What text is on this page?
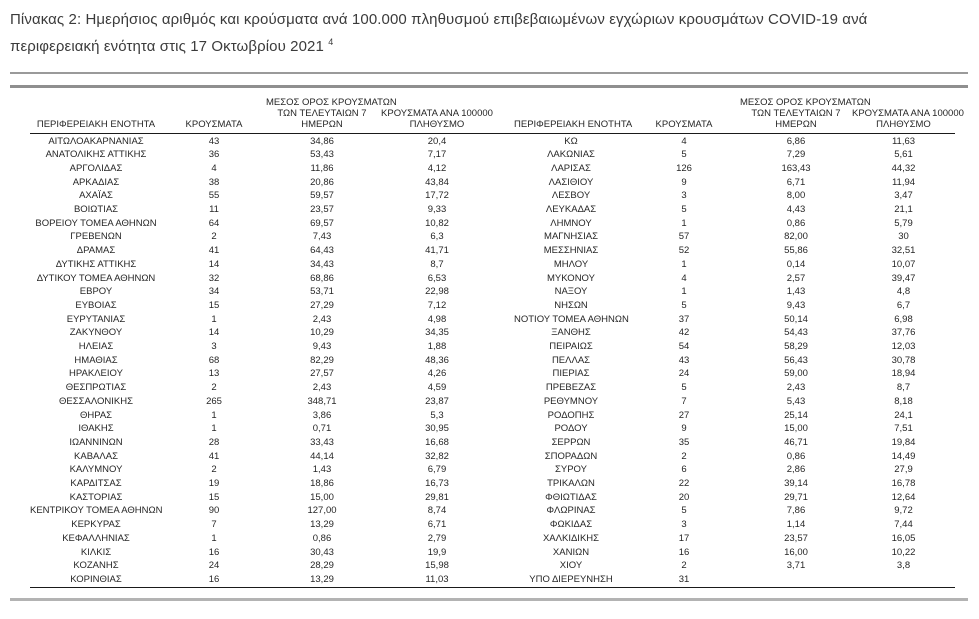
Πίνακας 2: Ημερήσιος αριθμός και κρούσματα ανά 100.000 πληθυσμού επιβεβαιωμένων εγχώριων κρουσμάτων COVID-19 ανά περιφερειακή ενότητα στις 17 Οκτωβρίου 2021 $^4$
ΠΕΡΙΦΕΡΕΙΑΚΗ ΕΝΟΤΗΤΑ	ΚΡΟΥΣΜΑΤΑ	ΜΕΣΟΣ ΟΡΟΣ ΚΡΟΥΣΜΑΤΩΝ
ΤΩΝ ΤΕΛΕΥΤΑΙΩΝ 7
ΗΜΕΡΩΝ	ΚΡΟΥΣΜΑΤΑ ΑΝΑ 100000
ΠΛΗΘΥΣΜΟ		ΠΕΡΙΦΕΡΕΙΑΚΗ ΕΝΟΤΗΤΑ	ΚΡΟΥΣΜΑΤΑ	ΜΕΣΟΣ ΟΡΟΣ ΚΡΟΥΣΜΑΤΩΝ
ΤΩΝ ΤΕΛΕΥΤΑΙΩΝ 7
ΗΜΕΡΩΝ	ΚΡΟΥΣΜΑΤΑ ΑΝΑ 100000
ΠΛΗΘΥΣΜΟ

ΑΙΤΩΛΟΑΚΑΡΝΑΝΙΑΣ	43	34,86	20,4		ΚΩ	4	6,86	11,63
ΑΝΑΤΟΛΙΚΗΣ ΑΤΤΙΚΗΣ	36	53,43	7,17		ΛΑΚΩΝΙΑΣ	5	7,29	5,61
ΑΡΓΟΛΙΔΑΣ	4	11,86	4,12		ΛΑΡΙΣΑΣ	126	163,43	44,32
ΑΡΚΑΔΙΑΣ	38	20,86	43,84		ΛΑΣΙΘΙΟΥ	9	6,71	11,94
ΑΧΑΪΑΣ	55	59,57	17,72		ΛΕΣΒΟΥ	3	8,00	3,47
ΒΟΙΩΤΙΑΣ	11	23,57	9,33		ΛΕΥΚΑΔΑΣ	5	4,43	21,1
ΒΟΡΕΙΟΥ ΤΟΜΕΑ ΑΘΗΝΩΝ	64	69,57	10,82		ΛΗΜΝΟΥ	1	0,86	5,79
ΓΡΕΒΕΝΩΝ	2	7,43	6,3		ΜΑΓΝΗΣΙΑΣ	57	82,00	30
ΔΡΑΜΑΣ	41	64,43	41,71		ΜΕΣΣΗΝΙΑΣ	52	55,86	32,51
ΔΥΤΙΚΗΣ ΑΤΤΙΚΗΣ	14	34,43	8,7		ΜΗΛΟΥ	1	0,14	10,07
ΔΥΤΙΚΟΥ ΤΟΜΕΑ ΑΘΗΝΩΝ	32	68,86	6,53		ΜΥΚΟΝΟΥ	4	2,57	39,47
ΕΒΡΟΥ	34	53,71	22,98		ΝΑΞΟΥ	1	1,43	4,8
ΕΥΒΟΙΑΣ	15	27,29	7,12		ΝΗΣΩΝ	5	9,43	6,7
ΕΥΡΥΤΑΝΙΑΣ	1	2,43	4,98		ΝΟΤΙΟΥ ΤΟΜΕΑ ΑΘΗΝΩΝ	37	50,14	6,98
ΖΑΚΥΝΘΟΥ	14	10,29	34,35		ΞΑΝΘΗΣ	42	54,43	37,76
ΗΛΕΙΑΣ	3	9,43	1,88		ΠΕΙΡΑΙΩΣ	54	58,29	12,03
ΗΜΑΘΙΑΣ	68	82,29	48,36		ΠΕΛΛΑΣ	43	56,43	30,78
ΗΡΑΚΛΕΙΟΥ	13	27,57	4,26		ΠΙΕΡΙΑΣ	24	59,00	18,94
ΘΕΣΠΡΩΤΙΑΣ	2	2,43	4,59		ΠΡΕΒΕΖΑΣ	5	2,43	8,7
ΘΕΣΣΑΛΟΝΙΚΗΣ	265	348,71	23,87		ΡΕΘΥΜΝΟΥ	7	5,43	8,18
ΘΗΡΑΣ	1	3,86	5,3		ΡΟΔΟΠΗΣ	27	25,14	24,1
ΙΘΑΚΗΣ	1	0,71	30,95		ΡΟΔΟΥ	9	15,00	7,51
ΙΩΑΝΝΙΝΩΝ	28	33,43	16,68		ΣΕΡΡΩΝ	35	46,71	19,84
ΚΑΒΑΛΑΣ	41	44,14	32,82		ΣΠΟΡΑΔΩΝ	2	0,86	14,49
ΚΑΛΥΜΝΟΥ	2	1,43	6,79		ΣΥΡΟΥ	6	2,86	27,9
ΚΑΡΔΙΤΣΑΣ	19	18,86	16,73		ΤΡΙΚΑΛΩΝ	22	39,14	16,78
ΚΑΣΤΟΡΙΑΣ	15	15,00	29,81		ΦΘΙΩΤΙΔΑΣ	20	29,71	12,64
ΚΕΝΤΡΙΚΟΥ ΤΟΜΕΑ ΑΘΗΝΩΝ	90	127,00	8,74		ΦΛΩΡΙΝΑΣ	5	7,86	9,72
ΚΕΡΚΥΡΑΣ	7	13,29	6,71		ΦΩΚΙΔΑΣ	3	1,14	7,44
ΚΕΦΑΛΛΗΝΙΑΣ	1	0,86	2,79		ΧΑΛΚΙΔΙΚΗΣ	17	23,57	16,05
ΚΙΛΚΙΣ	16	30,43	19,9		ΧΑΝΙΩΝ	16	16,00	10,22
ΚΟΖΑΝΗΣ	24	28,29	15,98		ΧΙΟΥ	2	3,71	3,8
ΚΟΡΙΝΘΙΑΣ	16	13,29	11,03		ΥΠΟ ΔΙΕΡΕΥΝΗΣΗ	31		
